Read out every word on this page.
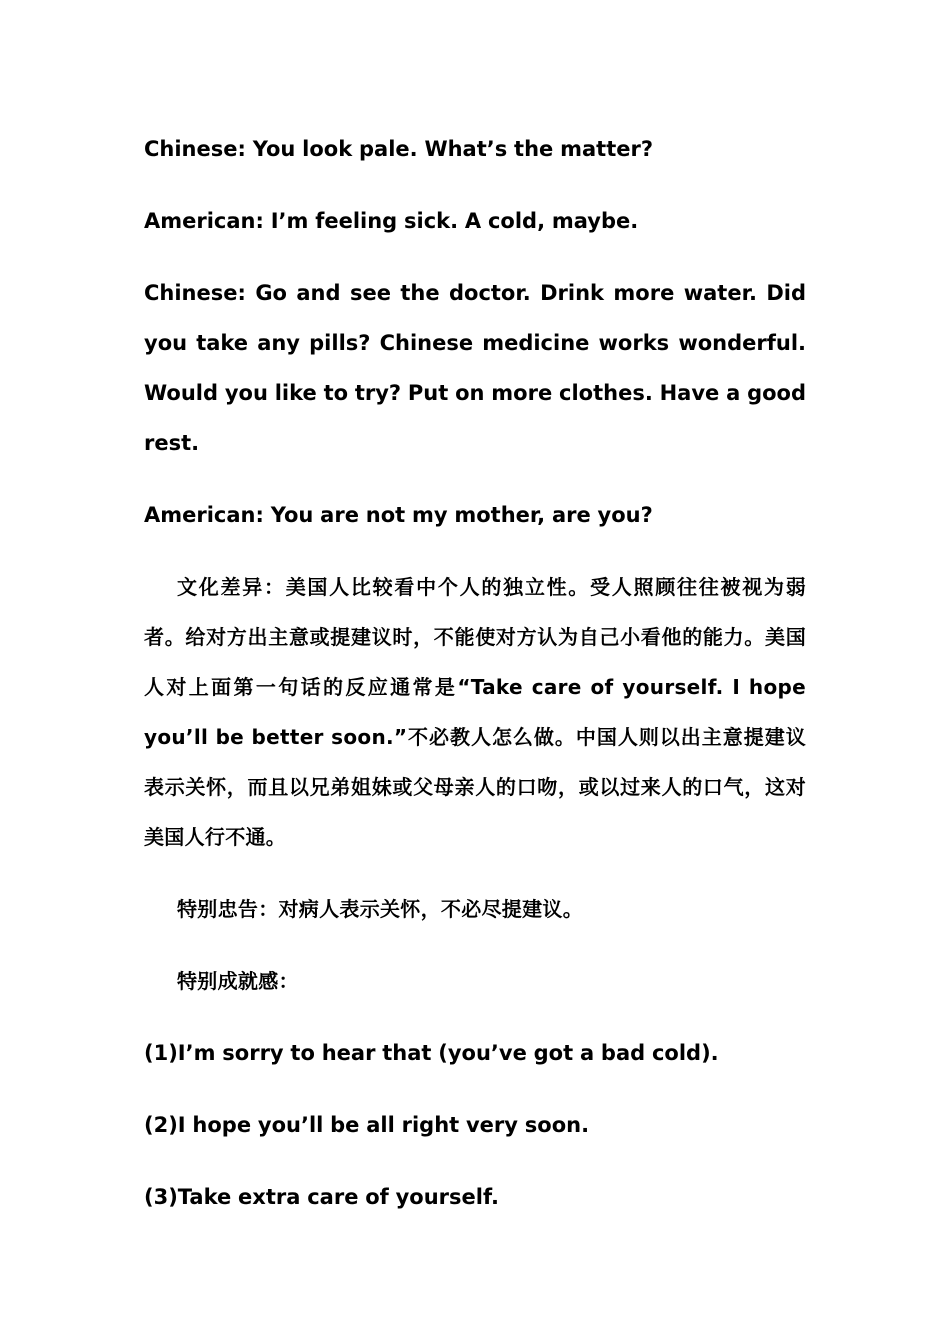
Chinese: You look pale. What’s the matter?

American: I’m feeling sick. A cold, maybe.

Chinese: Go and see the doctor. Drink more water. Did you take any pills? Chinese medicine works wonderful. Would you like to try? Put on more clothes. Have a good rest.

American: You are not my mother, are you?

文化差异：美国人比较看中个人的独立性。受人照顾往往被视为弱者。给对方出主意或提建议时，不能使对方认为自己小看他的能力。美国人对上面第一句话的反应通常是“Take care of yourself. I hope you’ll be better soon.”不必教人怎么做。中国人则以出主意提建议表示关怀，而且以兄弟姐妹或父母亲人的口吻，或以过来人的口气，这对美国人行不通。

特别忠告：对病人表示关怀，不必尽提建议。

特别成就感：

(1)I’m sorry to hear that (you’ve got a bad cold).

(2)I hope you’ll be all right very soon.

(3)Take extra care of yourself.
